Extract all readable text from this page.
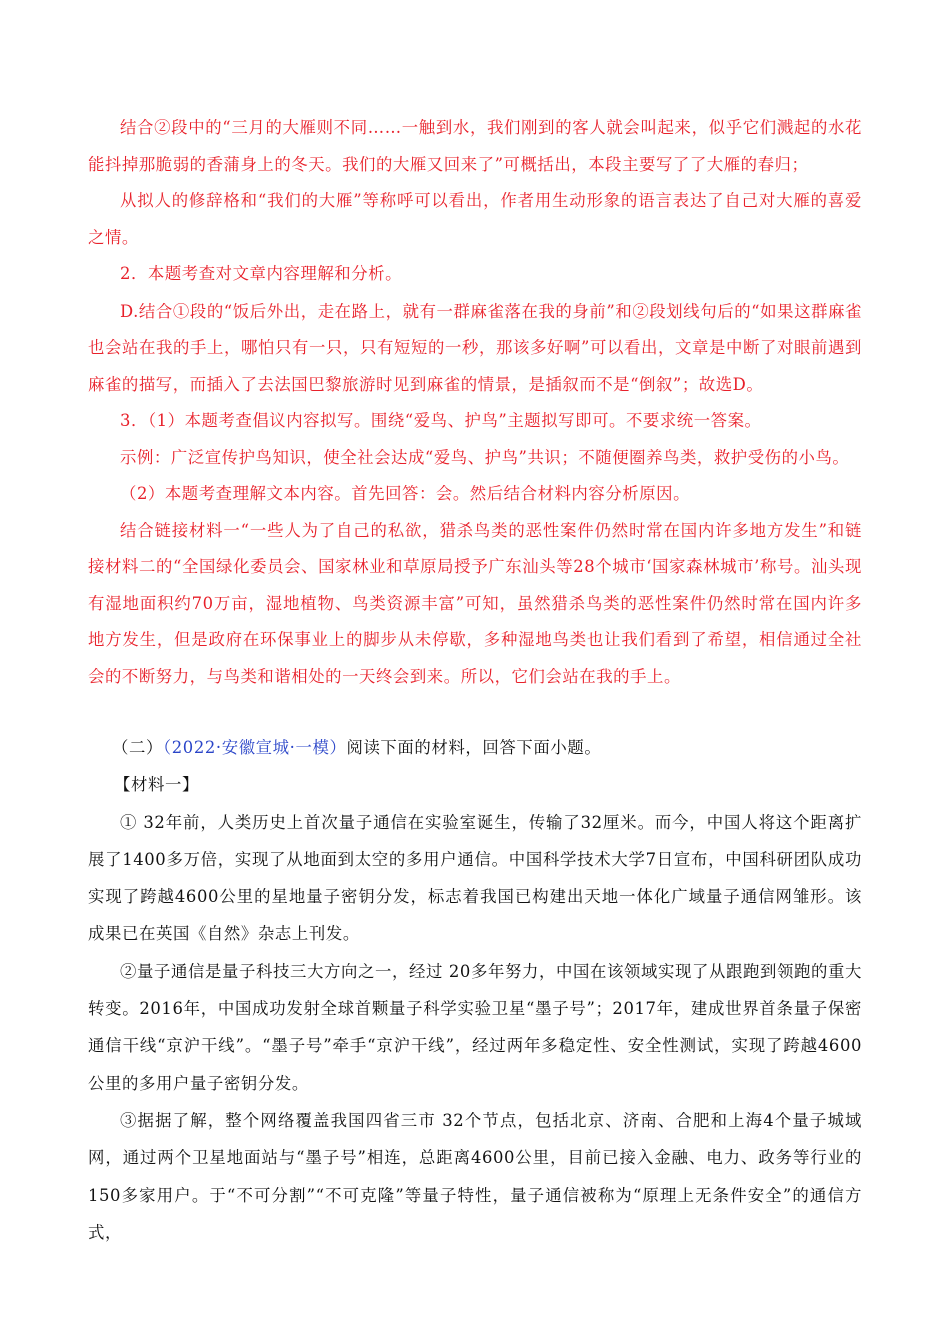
结合②段中的“三月的大雁则不同……一触到水，我们刚到的客人就会叫起来，似乎它们溅起的水花能抖掉那脆弱的香蒲身上的冬天。我们的大雁又回来了”可概括出，本段主要写了了大雁的春归；

从拟人的修辞格和“我们的大雁”等称呼可以看出，作者用生动形象的语言表达了自己对大雁的喜爱之情。

2．本题考查对文章内容理解和分析。

D.结合①段的“饭后外出，走在路上，就有一群麻雀落在我的身前”和②段划线句后的“如果这群麻雀也会站在我的手上，哪怕只有一只，只有短短的一秒，那该多好啊”可以看出，文章是中断了对眼前遇到麻雀的描写，而插入了去法国巴黎旅游时见到麻雀的情景，是插叙而不是“倒叙”；故选D。

3．（1）本题考查倡议内容拟写。围绕“爱鸟、护鸟”主题拟写即可。不要求统一答案。

示例：广泛宣传护鸟知识，使全社会达成“爱鸟、护鸟”共识；不随便圈养鸟类，救护受伤的小鸟。

（2）本题考查理解文本内容。首先回答：会。然后结合材料内容分析原因。

结合链接材料一“一些人为了自己的私欲，猎杀鸟类的恶性案件仍然时常在国内许多地方发生”和链接材料二的“全国绿化委员会、国家林业和草原局授予广东汕头等28个城市‘国家森林城市’称号。汕头现有湿地面积约70万亩，湿地植物、鸟类资源丰富”可知，虽然猎杀鸟类的恶性案件仍然时常在国内许多地方发生，但是政府在环保事业上的脚步从未停歇，多种湿地鸟类也让我们看到了希望，相信通过全社会的不断努力，与鸟类和谐相处的一天终会到来。所以，它们会站在我的手上。

（二）（2022·安徽宣城·一模）阅读下面的材料，回答下面小题。

【材料一】

① 32年前，人类历史上首次量子通信在实验室诞生，传输了32厘米。而今，中国人将这个距离扩展了1400多万倍，实现了从地面到太空的多用户通信。中国科学技术大学7日宣布，中国科研团队成功实现了跨越4600公里的星地量子密钥分发，标志着我国已构建出天地一体化广域量子通信网雏形。该成果已在英国《自然》杂志上刊发。

②量子通信是量子科技三大方向之一，经过 20多年努力，中国在该领域实现了从跟跑到领跑的重大转变。2016年，中国成功发射全球首颗量子科学实验卫星“墨子号”；2017年，建成世界首条量子保密通信干线“京沪干线”。“墨子号”牵手“京沪干线”，经过两年多稳定性、安全性测试，实现了跨越4600公里的多用户量子密钥分发。

③据据了解，整个网络覆盖我国四省三市 32个节点，包括北京、济南、合肥和上海4个量子城域网，通过两个卫星地面站与“墨子号”相连，总距离4600公里，目前已接入金融、电力、政务等行业的150多家用户。于“不可分割”“不可克隆”等量子特性，量子通信被称为“原理上无条件安全”的通信方式，
